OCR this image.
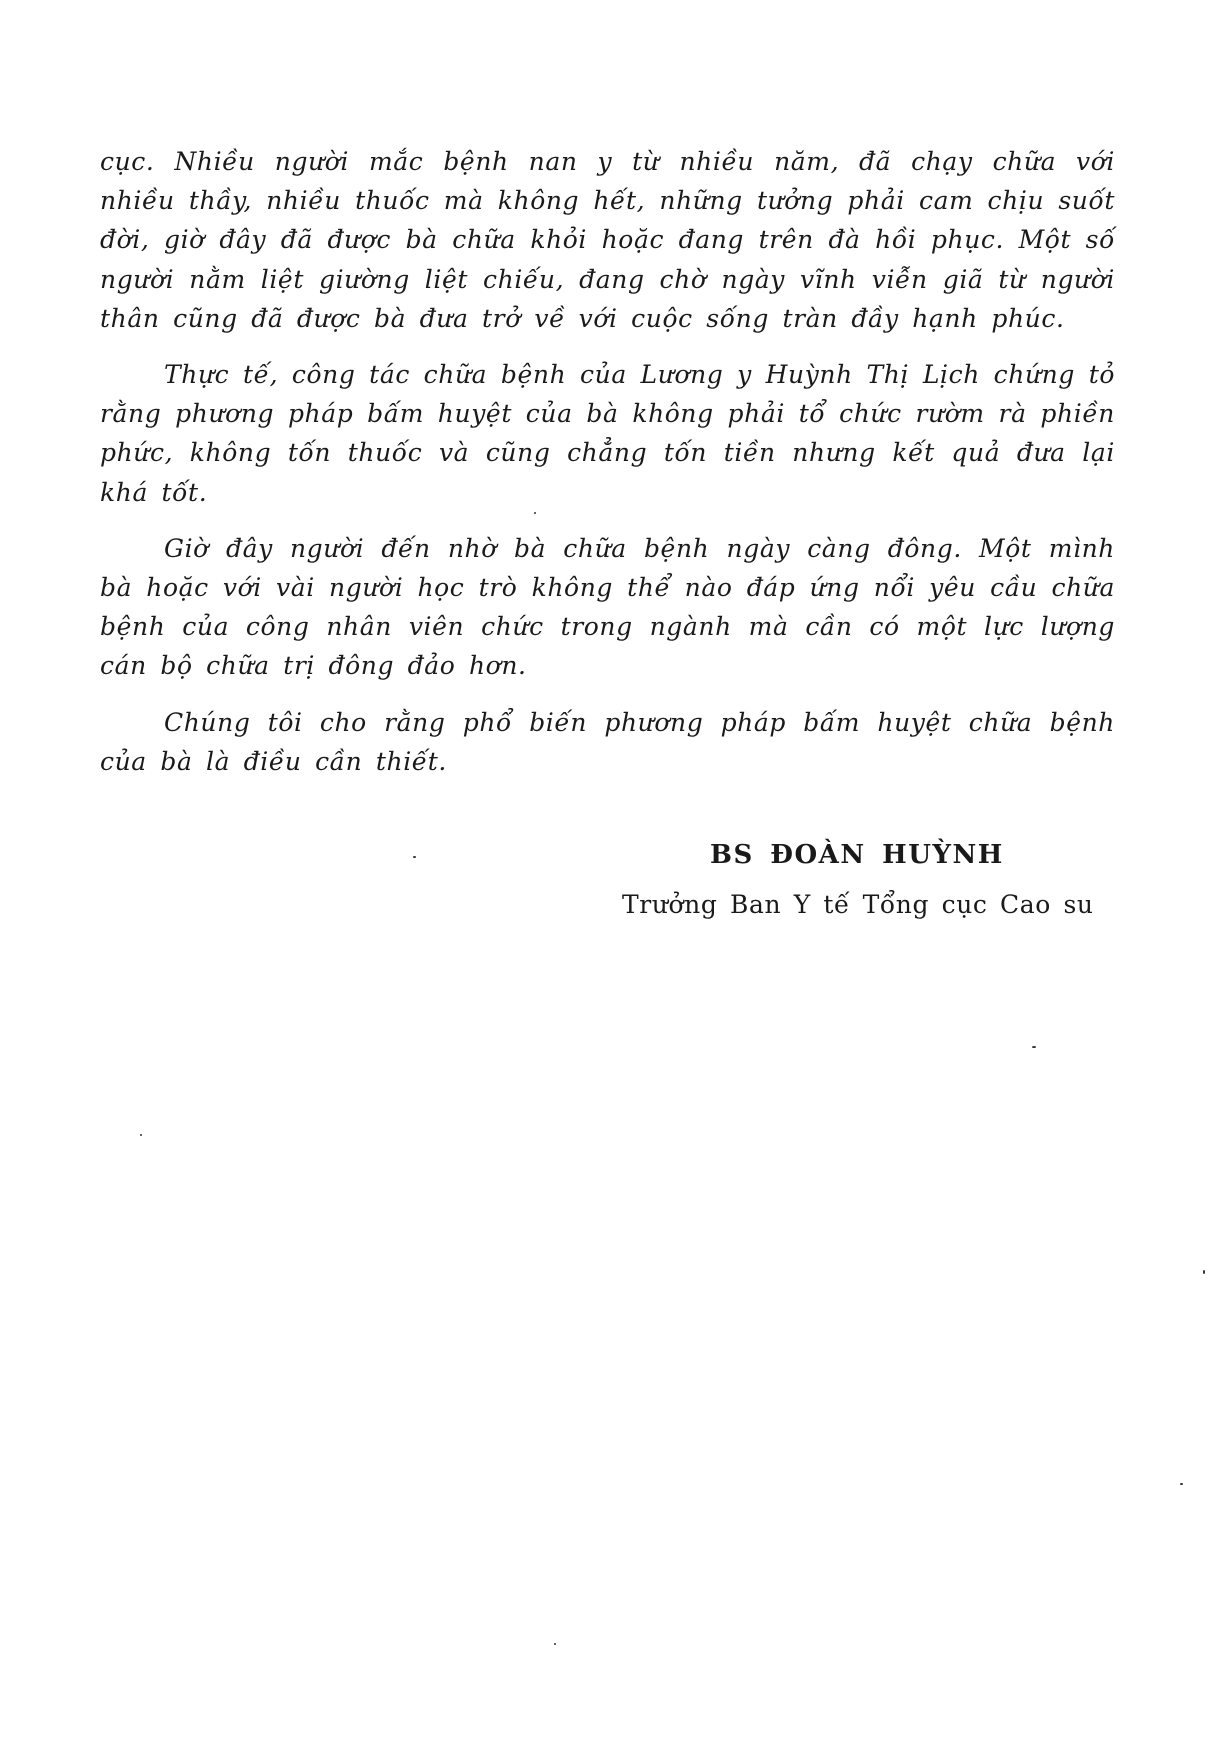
cục. Nhiều người mắc bệnh nan y từ nhiều năm, đã chạy chữa với nhiều thầy, nhiều thuốc mà không hết, những tưởng phải cam chịu suốt đời, giờ đây đã được bà chữa khỏi hoặc đang trên đà hồi phục. Một số người nằm liệt giường liệt chiếu, đang chờ ngày vĩnh viễn giã từ người thân cũng đã được bà đưa trở về với cuộc sống tràn đầy hạnh phúc.

Thực tế, công tác chữa bệnh của Lương y Huỳnh Thị Lịch chứng tỏ rằng phương pháp bấm huyệt của bà không phải tổ chức rườm rà phiền phức, không tốn thuốc và cũng chẳng tốn tiền nhưng kết quả đưa lại khá tốt.

Giờ đây người đến nhờ bà chữa bệnh ngày càng đông. Một mình bà hoặc với vài người học trò không thể nào đáp ứng nổi yêu cầu chữa bệnh của công nhân viên chức trong ngành mà cần có một lực lượng cán bộ chữa trị đông đảo hơn.

Chúng tôi cho rằng phổ biến phương pháp bấm huyệt chữa bệnh của bà là điều cần thiết.

BS ĐOÀN HUỲNH
Trưởng Ban Y tế Tổng cục Cao su
